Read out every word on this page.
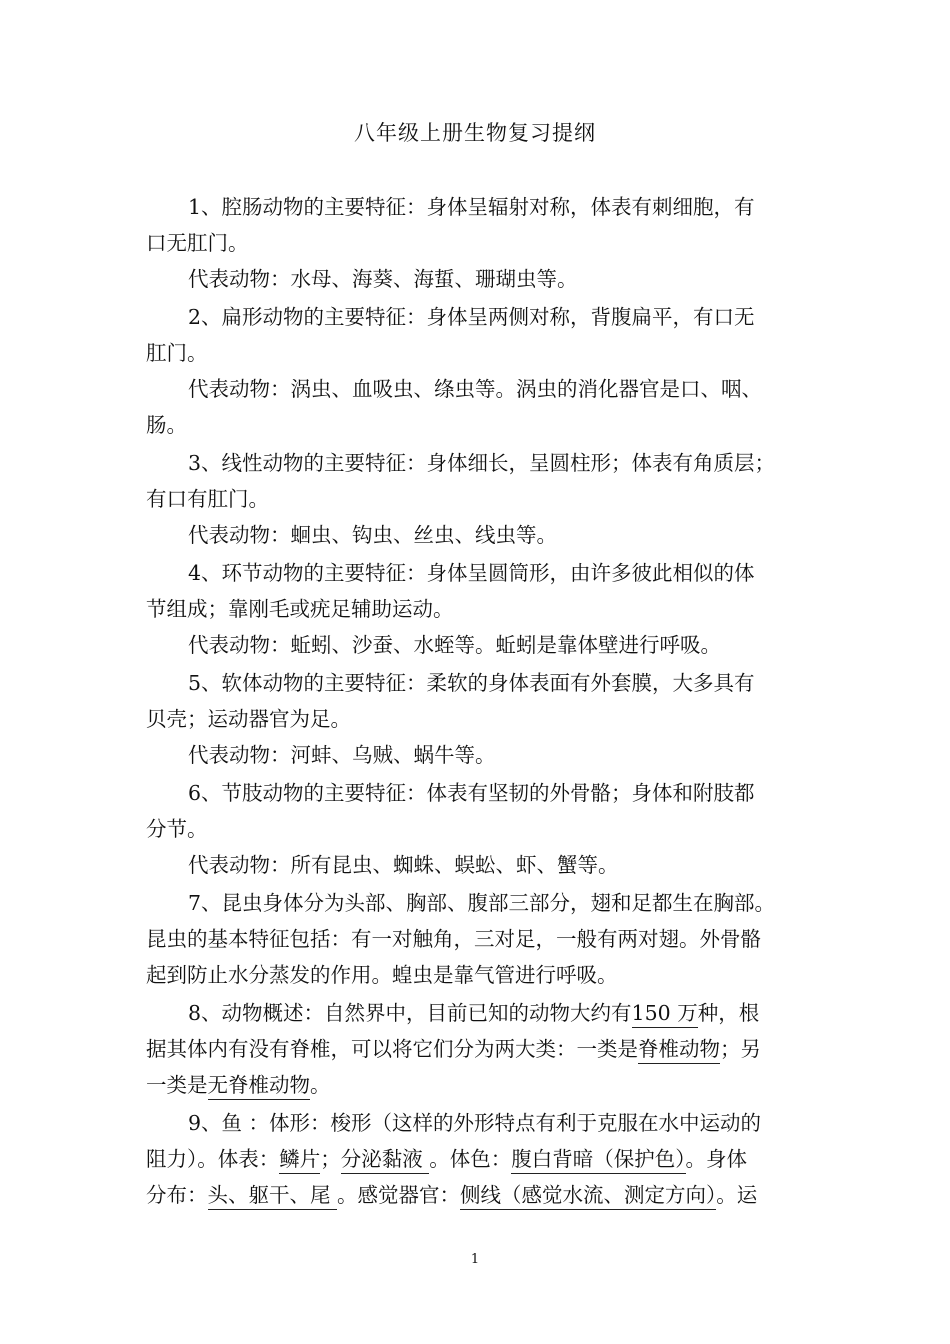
八年级上册生物复习提纲
1、腔肠动物的主要特征：身体呈辐射对称，体表有刺细胞，有
口无肛门。
代表动物：水母、海葵、海蜇、珊瑚虫等。
2、扁形动物的主要特征：身体呈两侧对称，背腹扁平，有口无
肛门。
代表动物：涡虫、血吸虫、绦虫等。涡虫的消化器官是口、咽、
肠。
3、线性动物的主要特征：身体细长，呈圆柱形；体表有角质层；
有口有肛门。
代表动物：蛔虫、钩虫、丝虫、线虫等。
4、环节动物的主要特征：身体呈圆筒形，由许多彼此相似的体
节组成；靠刚毛或疣足辅助运动。
代表动物：蚯蚓、沙蚕、水蛭等。蚯蚓是靠体壁进行呼吸。
5、软体动物的主要特征：柔软的身体表面有外套膜，大多具有
贝壳；运动器官为足。
代表动物：河蚌、乌贼、蜗牛等。
6、节肢动物的主要特征：体表有坚韧的外骨骼；身体和附肢都
分节。
代表动物：所有昆虫、蜘蛛、蜈蚣、虾、蟹等。
7、昆虫身体分为头部、胸部、腹部三部分，翅和足都生在胸部。
昆虫的基本特征包括：有一对触角，三对足，一般有两对翅。外骨骼
起到防止水分蒸发的作用。蝗虫是靠气管进行呼吸。
8、动物概述：自然界中，目前已知的动物大约有150 万种，根
据其体内有没有脊椎，可以将它们分为两大类：一类是脊椎动物；另
一类是无脊椎动物。
9、鱼 ：体形：梭形（这样的外形特点有利于克服在水中运动的
阻力）。体表：鳞片；分泌黏液 。体色：腹白背暗（保护色）。身体
分布：头、躯干、尾 。感觉器官：侧线（感觉水流、测定方向）。运
1
